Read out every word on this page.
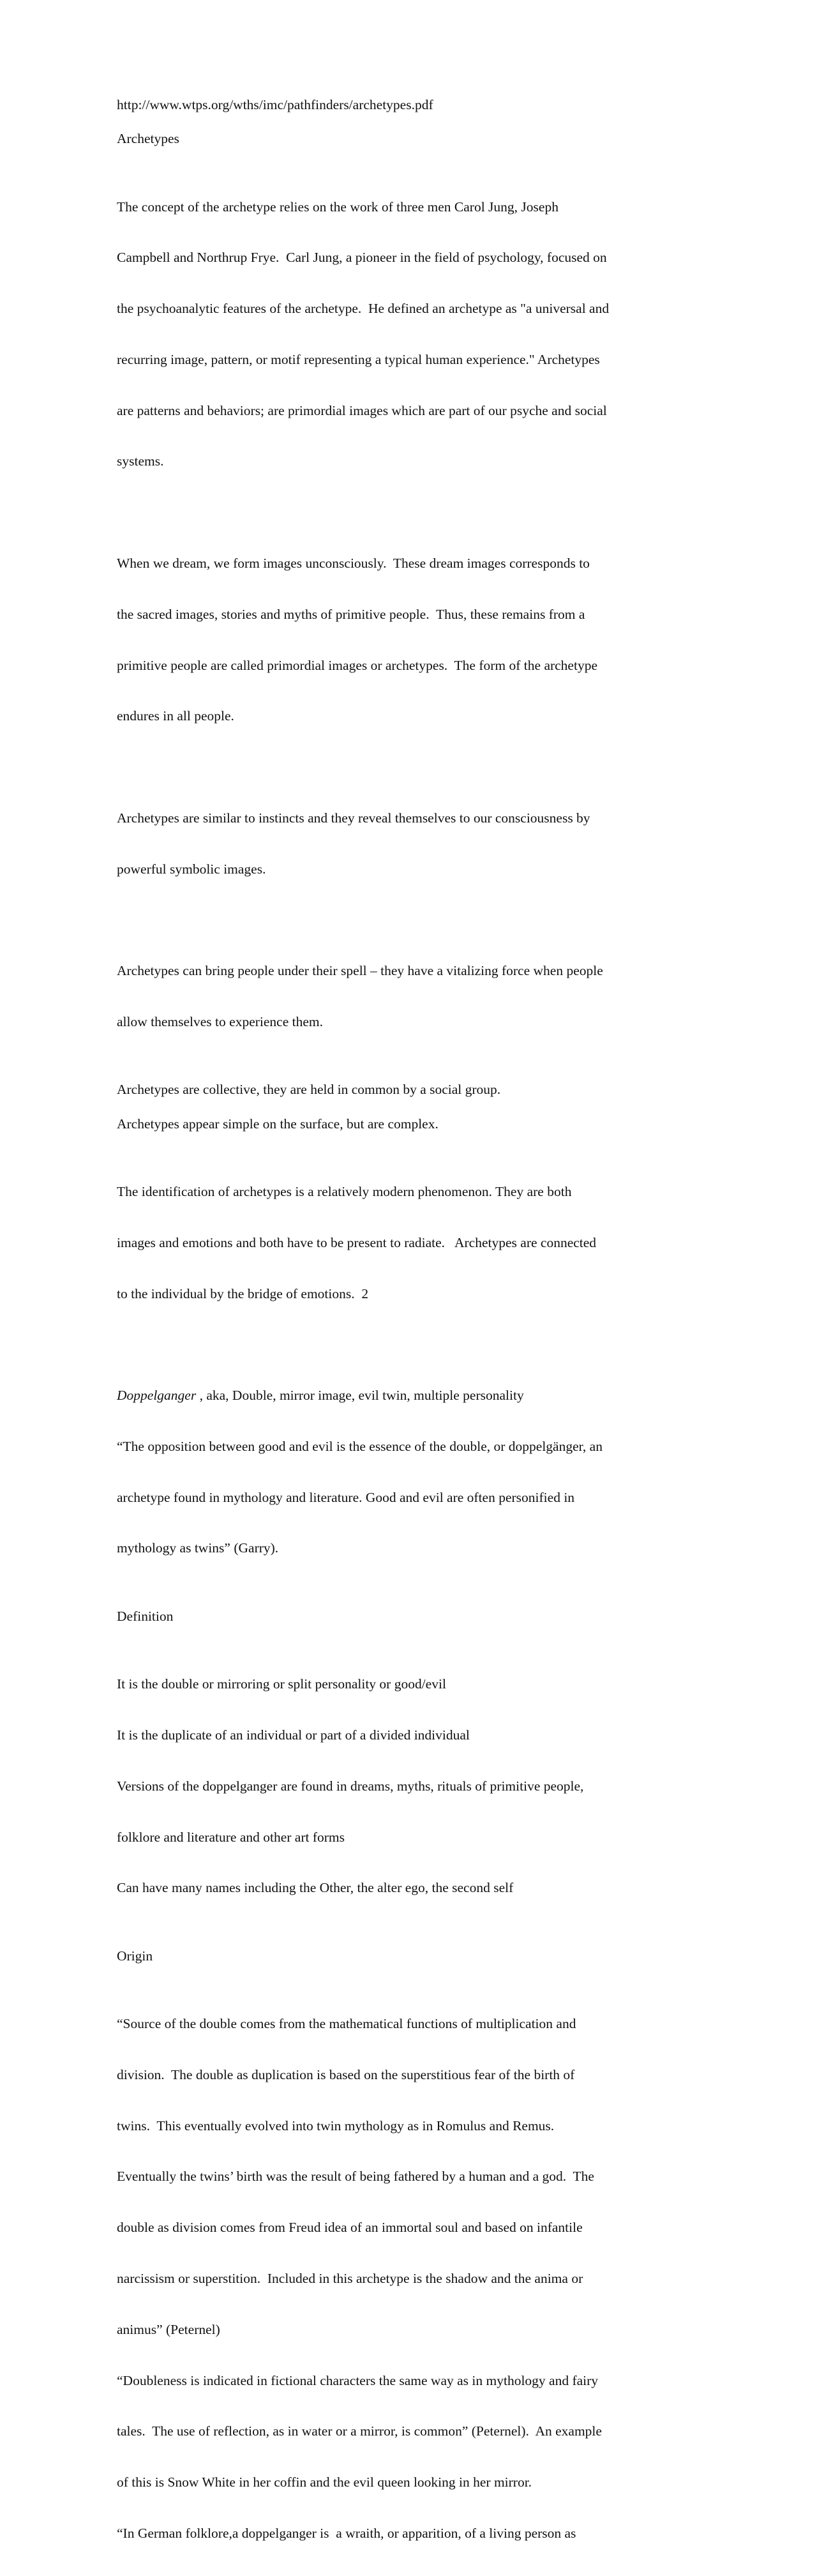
http://www.wtps.org/wths/imc/pathfinders/archetypes.pdf
Archetypes

The concept of the archetype relies on the work of three men Carol Jung, Joseph

Campbell and Northrup Frye.  Carl Jung, a pioneer in the field of psychology, focused on

the psychoanalytic features of the archetype.  He defined an archetype as "a universal and

recurring image, pattern, or motif representing a typical human experience." Archetypes

are patterns and behaviors; are primordial images which are part of our psyche and social

systems.

When we dream, we form images unconsciously.  These dream images corresponds to

the sacred images, stories and myths of primitive people.  Thus, these remains from a

primitive people are called primordial images or archetypes.  The form of the archetype

endures in all people.

Archetypes are similar to instincts and they reveal themselves to our consciousness by

powerful symbolic images.

Archetypes can bring people under their spell – they have a vitalizing force when people

allow themselves to experience them.

Archetypes are collective, they are held in common by a social group.
Archetypes appear simple on the surface, but are complex.

The identification of archetypes is a relatively modern phenomenon. They are both

images and emotions and both have to be present to radiate.   Archetypes are connected

to the individual by the bridge of emotions.  2

Doppelganger , aka, Double, mirror image, evil twin, multiple personality

“The opposition between good and evil is the essence of the double, or doppelgänger, an

archetype found in mythology and literature. Good and evil are often personified in

mythology as twins” (Garry).

Definition

It is the double or mirroring or split personality or good/evil

It is the duplicate of an individual or part of a divided individual

Versions of the doppelganger are found in dreams, myths, rituals of primitive people,

folklore and literature and other art forms

Can have many names including the Other, the alter ego, the second self

Origin

“Source of the double comes from the mathematical functions of multiplication and

division.  The double as duplication is based on the superstitious fear of the birth of

twins.  This eventually evolved into twin mythology as in Romulus and Remus.

Eventually the twins’ birth was the result of being fathered by a human and a god.  The

double as division comes from Freud idea of an immortal soul and based on infantile

narcissism or superstition.  Included in this archetype is the shadow and the anima or

animus” (Peternel)

“Doubleness is indicated in fictional characters the same way as in mythology and fairy

tales.  The use of reflection, as in water or a mirror, is common” (Peternel).  An example

of this is Snow White in her coffin and the evil queen looking in her mirror.

“In German folklore,a doppelganger is  a wraith, or apparition, of a living person as
